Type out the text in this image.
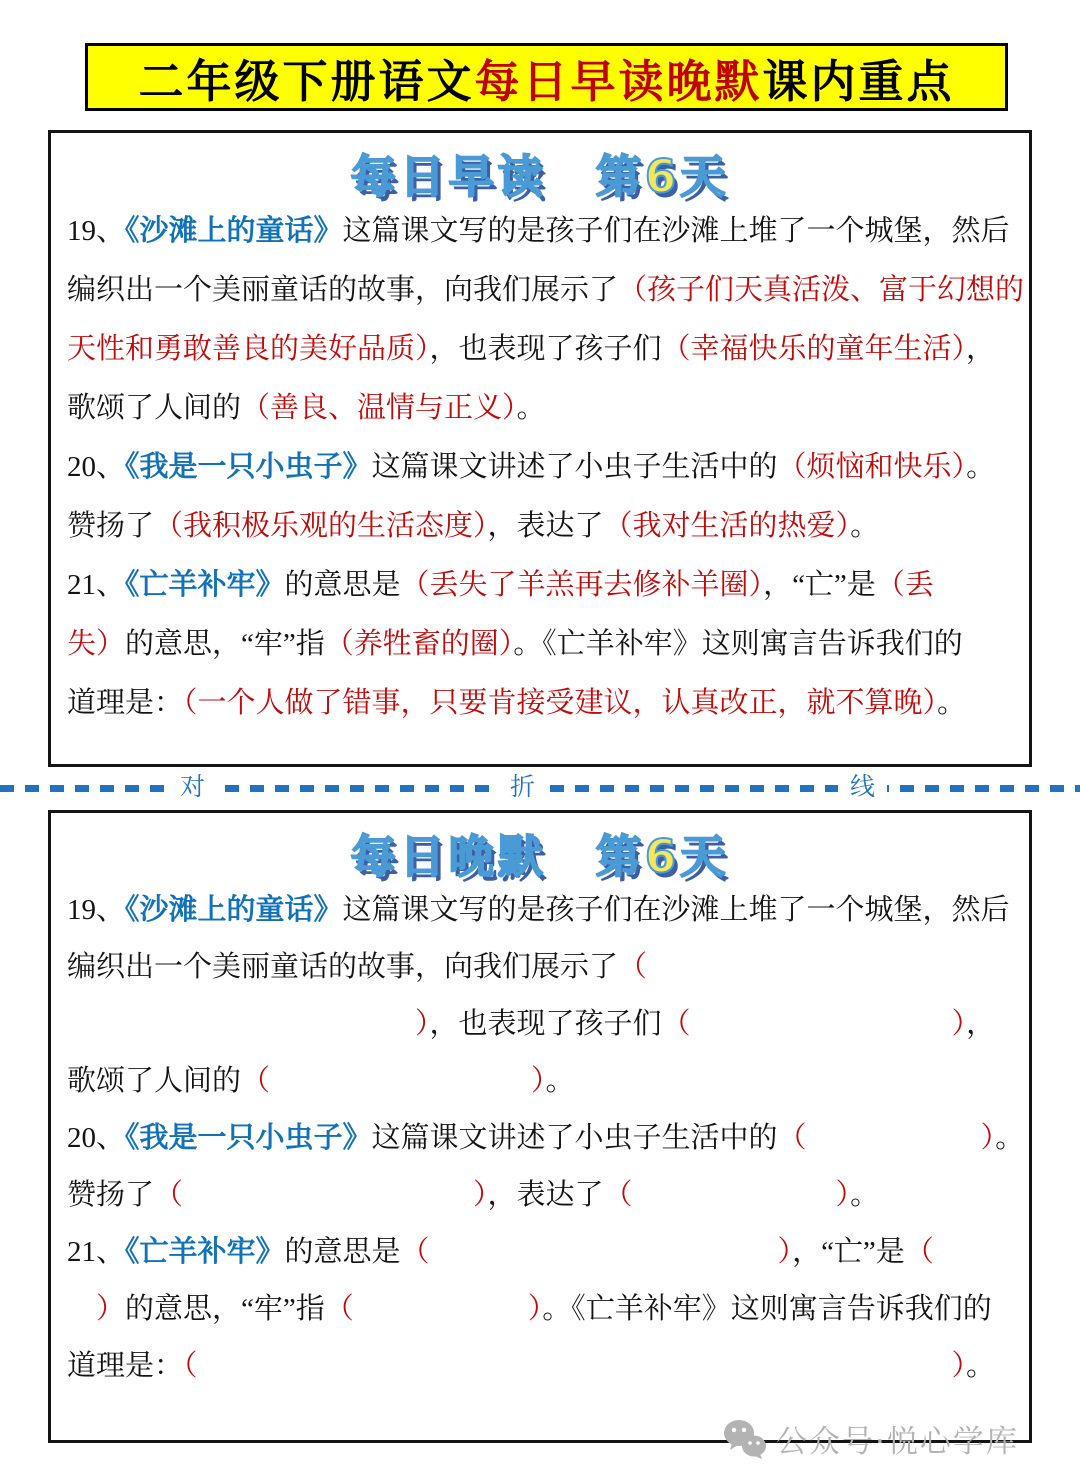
二年级下册语文 每日早读晚默 课内重点
每日早读　 第6天
19、《沙滩上的童话》这篇课文写的是孩子们在沙滩上堆了一个城堡，然后
编织出一个美丽童话的故事，向我们展示了（孩子们天真活泼、富于幻想的
天性和勇敢善良的美好品质），也表现了孩子们（幸福快乐的童年生活），
歌颂了人间的（善良、温情与正义）。
20、《我是一只小虫子》这篇课文讲述了小虫子生活中的（烦恼和快乐）。
赞扬了（我积极乐观的生活态度），表达了（我对生活的热爱）。
21、《亡羊补牢》的意思是（丢失了羊羔再去修补羊圈），“亡”是（丢
失）的意思，“牢”指（养牲畜的圈）。《亡羊补牢》这则寓言告诉我们的
道理是：（一个人做了错事，只要肯接受建议，认真改正，就不算晚）。
对	折	线
每日晚默　 第6天
19、《沙滩上的童话》这篇课文写的是孩子们在沙滩上堆了一个城堡，然后
编织出一个美丽童话的故事，向我们展示了（
　　　　　　　　　　　　），也表现了孩子们（　　　　　　　　　），
歌颂了人间的（　　　　　　　　　）。
20、《我是一只小虫子》这篇课文讲述了小虫子生活中的（　　　　　　）。
赞扬了（　　　　　　　　　　），表达了（　　　　　　　）。
21、《亡羊补牢》的意思是（　　　　　　　　　　　　），“亡”是（
　）的意思，“牢”指（　　　　　　）。《亡羊补牢》这则寓言告诉我们的
道理是：（　　　　　　　　　　　　　　　　　　　　　　　　　　）。
公众号·悦心学库
